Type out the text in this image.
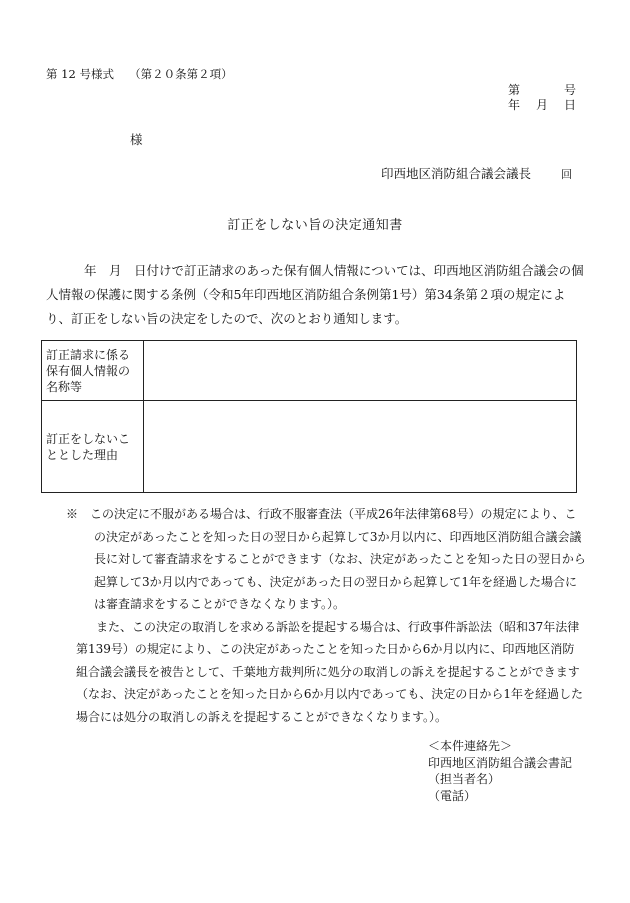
第 12 号様式　 （第２０条第２項）
第　　　号
年　月　日
様
印西地区消防組合議会議長	回
訂正をしない旨の決定通知書
年　月　日付けで訂正請求のあった保有個人情報については、印西地区消防組合議会の個人情報の保護に関する条例（令和5年印西地区消防組合条例第1号）第34条第２項の規定により、訂正をしない旨の決定をしたので、次のとおり通知します。
訂正請求に係る保有個人情報の名称等	
訂正をしないこととした理由	

※　この決定に不服がある場合は、行政不服審査法（平成26年法律第68号）の規定により、この決定があったことを知った日の翌日から起算して3か月以内に、印西地区消防組合議会議長に対して審査請求をすることができます（なお、決定があったことを知った日の翌日から起算して3か月以内であっても、決定があった日の翌日から起算して1年を経過した場合には審査請求をすることができなくなります。）。

また、この決定の取消しを求める訴訟を提起する場合は、行政事件訴訟法（昭和37年法律第139号）の規定により、この決定があったことを知った日から6か月以内に、印西地区消防組合議会議長を被告として、千葉地方裁判所に処分の取消しの訴えを提起することができます（なお、決定があったことを知った日から6か月以内であっても、決定の日から1年を経過した場合には処分の取消しの訴えを提起することができなくなります。）。

＜本件連絡先＞
印西地区消防組合議会書記
（担当者名）
（電話）
